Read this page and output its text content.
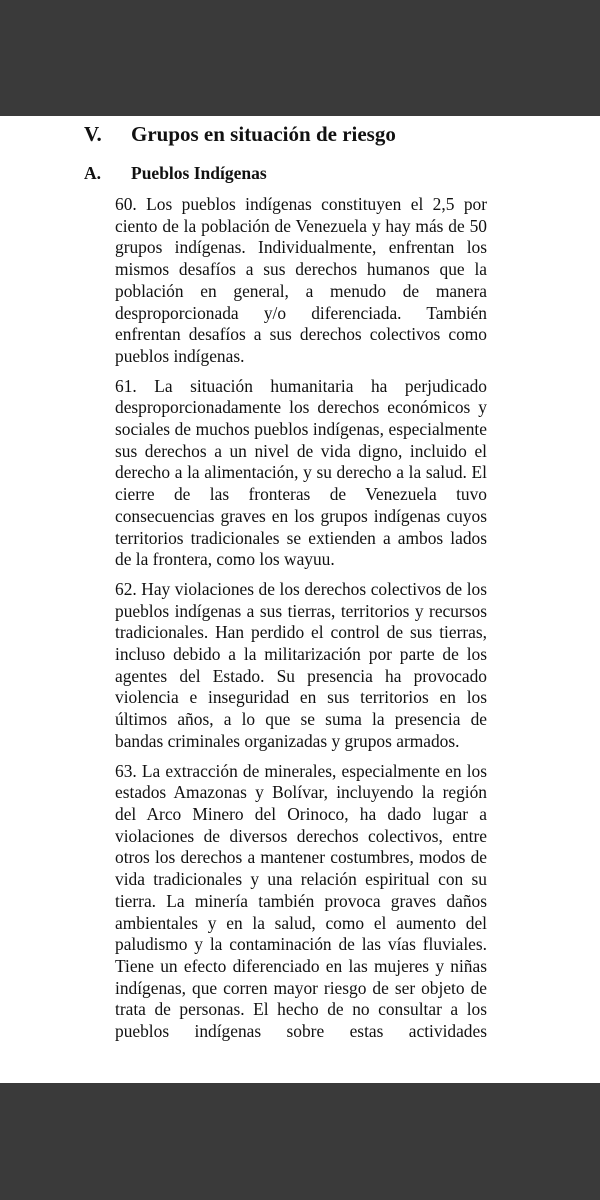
V. Grupos en situación de riesgo
A. Pueblos Indígenas

60. Los pueblos indígenas constituyen el 2,5 por ciento de la población de Venezuela y hay más de 50 grupos indígenas. Individualmente, enfrentan los mismos desafíos a sus derechos humanos que la población en general, a menudo de manera desproporcionada y/o diferenciada. También enfrentan desafíos a sus derechos colectivos como pueblos indígenas.

61. La situación humanitaria ha perjudicado desproporcionadamente los derechos económicos y sociales de muchos pueblos indígenas, especialmente sus derechos a un nivel de vida digno, incluido el derecho a la alimentación, y su derecho a la salud. El cierre de las fronteras de Venezuela tuvo consecuencias graves en los grupos indígenas cuyos territorios tradicionales se extienden a ambos lados de la frontera, como los wayuu.

62. Hay violaciones de los derechos colectivos de los pueblos indígenas a sus tierras, territorios y recursos tradicionales. Han perdido el control de sus tierras, incluso debido a la militarización por parte de los agentes del Estado. Su presencia ha provocado violencia e inseguridad en sus territorios en los últimos años, a lo que se suma la presencia de bandas criminales organizadas y grupos armados.

63. La extracción de minerales, especialmente en los estados Amazonas y Bolívar, incluyendo la región del Arco Minero del Orinoco, ha dado lugar a violaciones de diversos derechos colectivos, entre otros los derechos a mantener costumbres, modos de vida tradicionales y una relación espiritual con su tierra. La minería también provoca graves daños ambientales y en la salud, como el aumento del paludismo y la contaminación de las vías fluviales. Tiene un efecto diferenciado en las mujeres y niñas indígenas, que corren mayor riesgo de ser objeto de trata de personas. El hecho de no consultar a los pueblos indígenas sobre estas actividades
